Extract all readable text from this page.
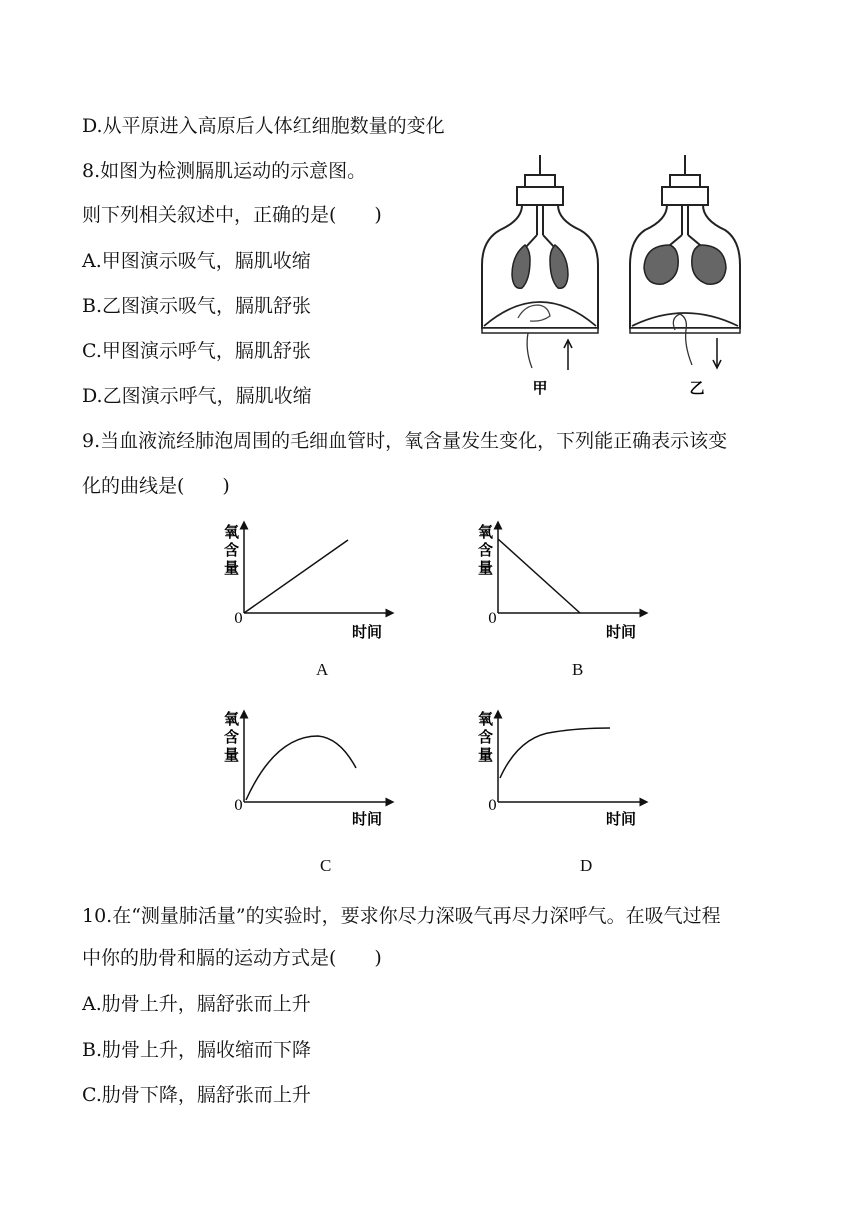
D.从平原进入高原后人体红细胞数量的变化
8.如图为检测膈肌运动的示意图。
则下列相关叙述中，正确的是(　　)
A.甲图演示吸气，膈肌收缩
B.乙图演示吸气，膈肌舒张
C.甲图演示呼气，膈肌舒张
D.乙图演示呼气，膈肌收缩	甲	乙
9.当血液流经肺泡周围的毛细血管时，氧含量发生变化，下列能正确表示该变
化的曲线是(　　)
氧
含
量
0
时间
A
氧
含
量
0
时间
B
氧
含
量
0
时间
C
氧
含
量
0
时间
D
10.在“测量肺活量”的实验时，要求你尽力深吸气再尽力深呼气。在吸气过程
中你的肋骨和膈的运动方式是(　　)
A.肋骨上升，膈舒张而上升
B.肋骨上升，膈收缩而下降
C.肋骨下降，膈舒张而上升
